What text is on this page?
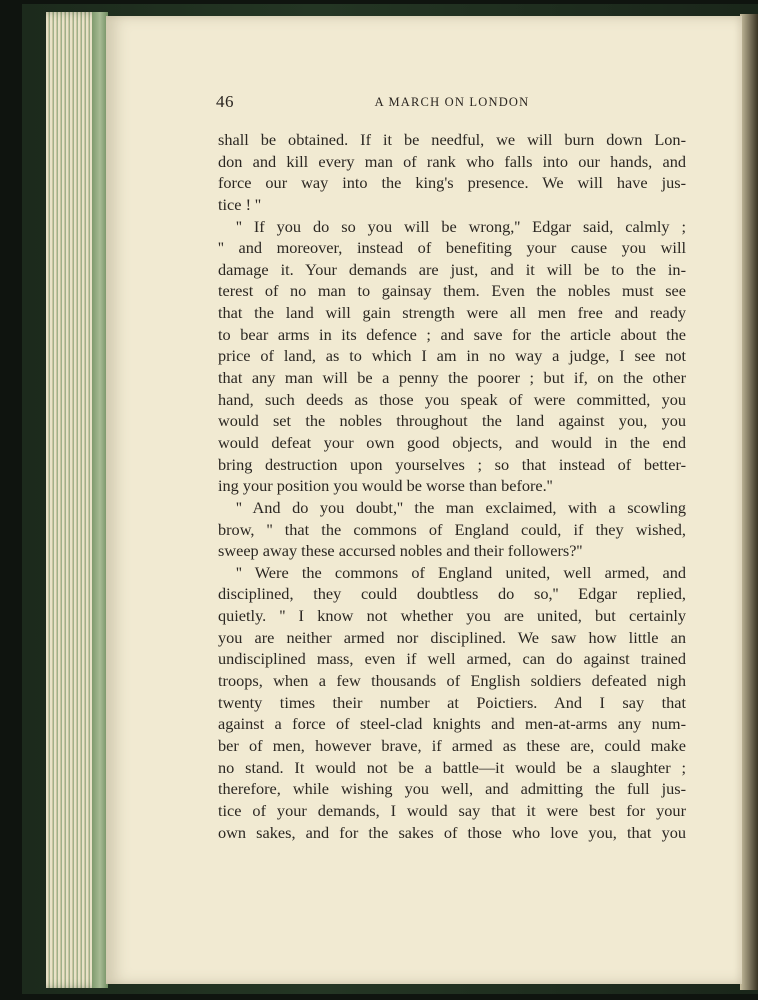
46	A MARCH ON LONDON
shall be obtained. If it be needful, we will burn down Lon-
don and kill every man of rank who falls into our hands, and
force our way into the king's presence. We will have jus-
tice ! ''
'' If you do so you will be wrong,'' Edgar said, calmly ;
'' and moreover, instead of benefiting your cause you will
damage it. Your demands are just, and it will be to the in-
terest of no man to gainsay them. Even the nobles must see
that the land will gain strength were all men free and ready
to bear arms in its defence ; and save for the article about the
price of land, as to which I am in no way a judge, I see not
that any man will be a penny the poorer ; but if, on the other
hand, such deeds as those you speak of were committed, you
would set the nobles throughout the land against you, you
would defeat your own good objects, and would in the end
bring destruction upon yourselves ; so that instead of better-
ing your position you would be worse than before.''
'' And do you doubt,'' the man exclaimed, with a scowling
brow, '' that the commons of England could, if they wished,
sweep away these accursed nobles and their followers?''
'' Were the commons of England united, well armed, and
disciplined, they could doubtless do so,'' Edgar replied,
quietly. '' I know not whether you are united, but certainly
you are neither armed nor disciplined. We saw how little an
undisciplined mass, even if well armed, can do against trained
troops, when a few thousands of English soldiers defeated nigh
twenty times their number at Poictiers. And I say that
against a force of steel-clad knights and men-at-arms any num-
ber of men, however brave, if armed as these are, could make
no stand. It would not be a battle—it would be a slaughter ;
therefore, while wishing you well, and admitting the full jus-
tice of your demands, I would say that it were best for your
own sakes, and for the sakes of those who love you, that you
